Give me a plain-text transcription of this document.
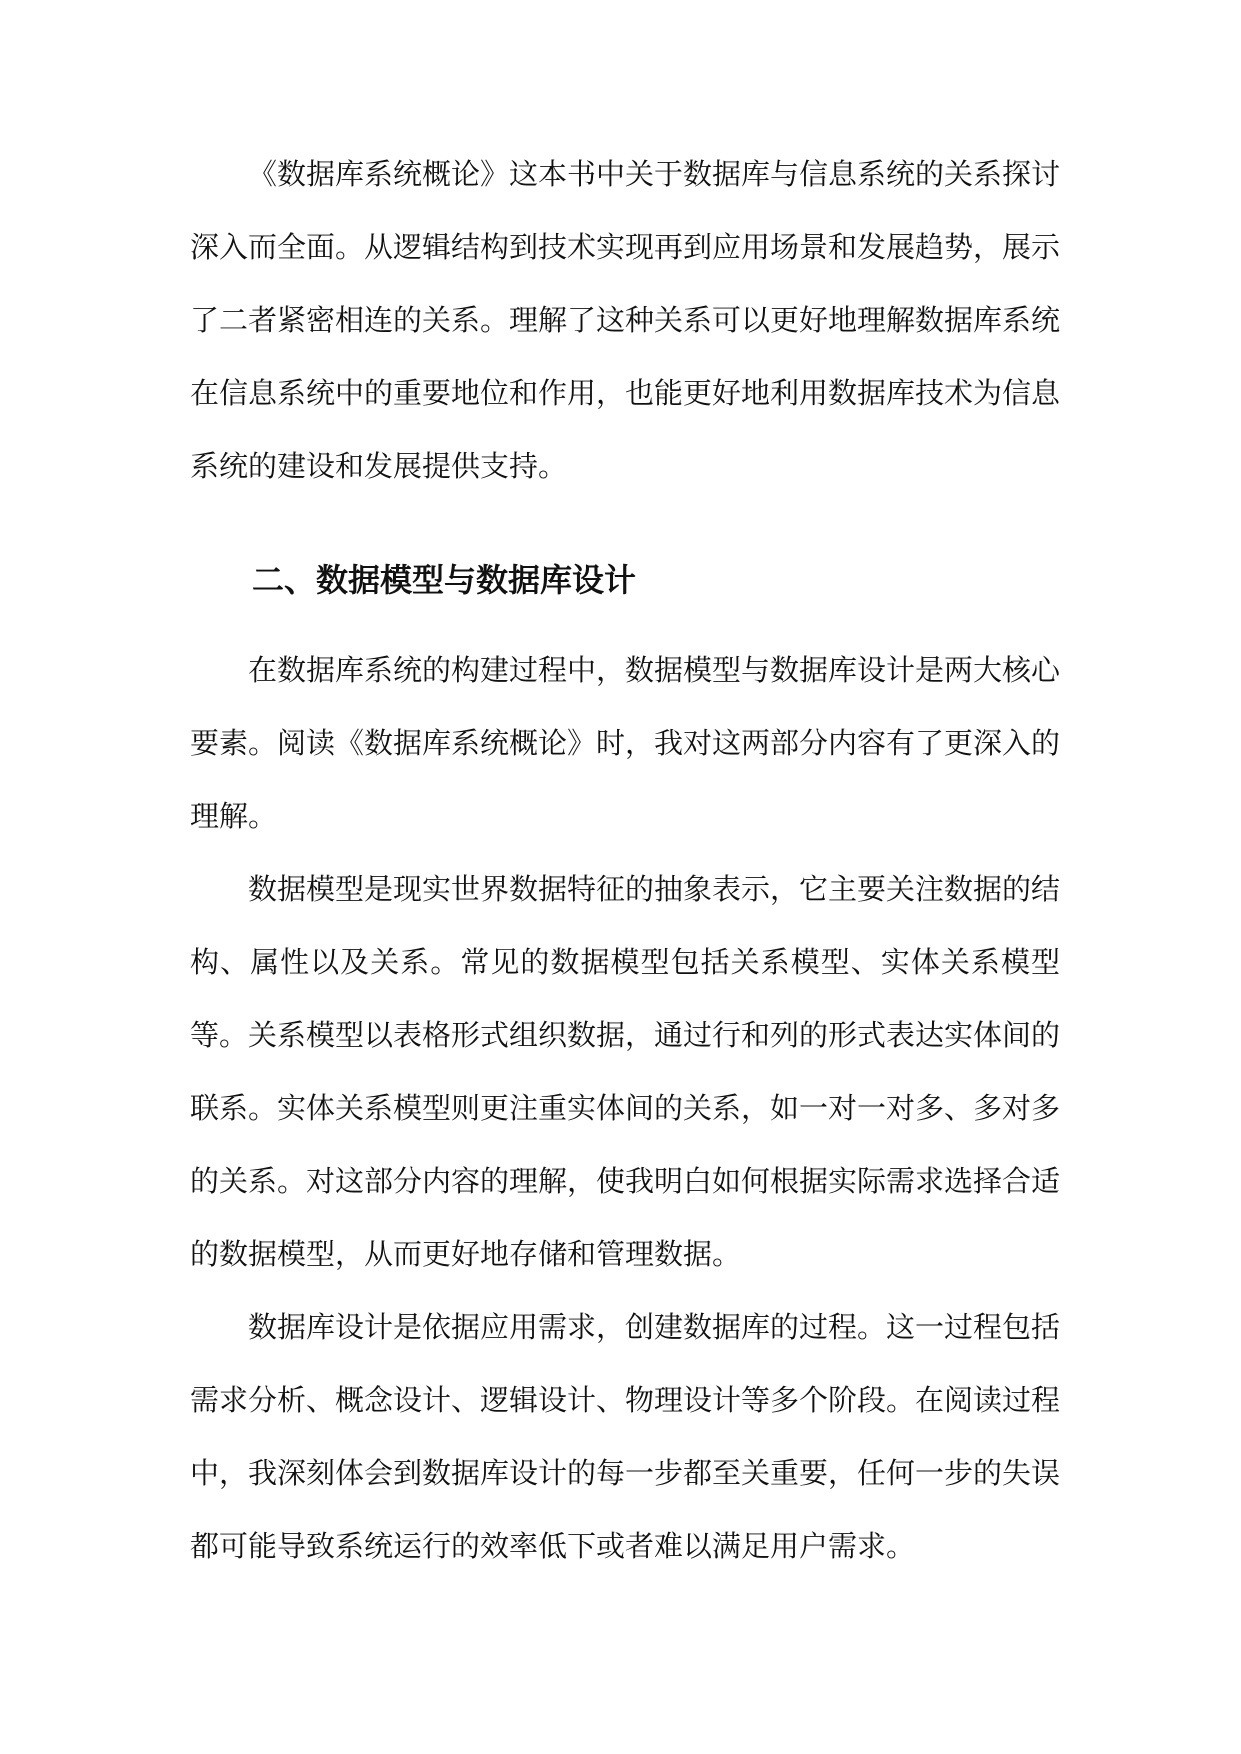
《数据库系统概论》这本书中关于数据库与信息系统的关系探讨深入而全面。从逻辑结构到技术实现再到应用场景和发展趋势，展示了二者紧密相连的关系。理解了这种关系可以更好地理解数据库系统在信息系统中的重要地位和作用，也能更好地利用数据库技术为信息系统的建设和发展提供支持。

二、数据模型与数据库设计

在数据库系统的构建过程中，数据模型与数据库设计是两大核心要素。阅读《数据库系统概论》时，我对这两部分内容有了更深入的理解。

数据模型是现实世界数据特征的抽象表示，它主要关注数据的结构、属性以及关系。常见的数据模型包括关系模型、实体关系模型等。关系模型以表格形式组织数据，通过行和列的形式表达实体间的联系。实体关系模型则更注重实体间的关系，如一对一对多、多对多的关系。对这部分内容的理解，使我明白如何根据实际需求选择合适的数据模型，从而更好地存储和管理数据。

数据库设计是依据应用需求，创建数据库的过程。这一过程包括需求分析、概念设计、逻辑设计、物理设计等多个阶段。在阅读过程中，我深刻体会到数据库设计的每一步都至关重要，任何一步的失误都可能导致系统运行的效率低下或者难以满足用户需求。
